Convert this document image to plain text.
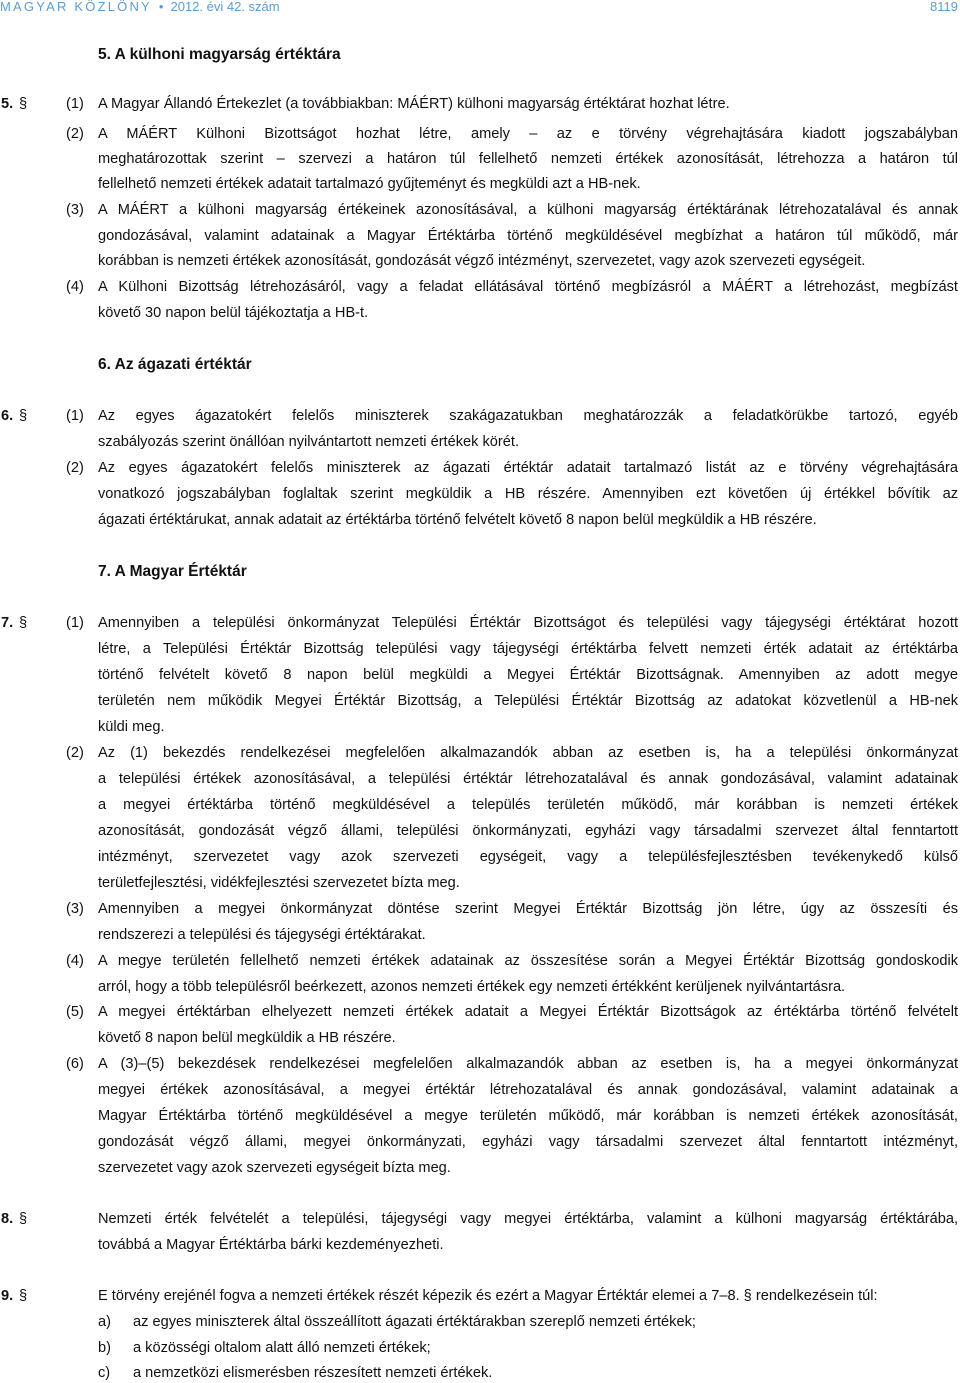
MAGYAR KÖZLÖNY • 2012. évi 42. szám	8119
5. A külhoni magyarság értéktára
5. §	(1) A Magyar Állandó Értekezlet (a továbbiakban: MÁÉRT) külhoni magyarság értéktárat hozhat létre.
(2) A MÁÉRT Külhoni Bizottságot hozhat létre, amely – az e törvény végrehajtására kiadott jogszabályban
meghatározottak szerint – szervezi a határon túl fellelhető nemzeti értékek azonosítását, létrehozza a határon túl
fellelhető nemzeti értékek adatait tartalmazó gyűjteményt és megküldi azt a HB-nek.
(3) A MÁÉRT a külhoni magyarság értékeinek azonosításával, a külhoni magyarság értéktárának létrehozatalával és annak
gondozásával, valamint adatainak a Magyar Értéktárba történő megküldésével megbízhat a határon túl működő, már
korábban is nemzeti értékek azonosítását, gondozását végző intézményt, szervezetet, vagy azok szervezeti egységeit.
(4) A Külhoni Bizottság létrehozásáról, vagy a feladat ellátásával történő megbízásról a MÁÉRT a létrehozást, megbízást
követő 30 napon belül tájékoztatja a HB-t.
6. Az ágazati értéktár
6. §	(1) Az egyes ágazatokért felelős miniszterek szakágazatukban meghatározzák a feladatkörükbe tartozó, egyéb
szabályozás szerint önállóan nyilvántartott nemzeti értékek körét.
(2) Az egyes ágazatokért felelős miniszterek az ágazati értéktár adatait tartalmazó listát az e törvény végrehajtására
vonatkozó jogszabályban foglaltak szerint megküldik a HB részére. Amennyiben ezt követően új értékkel bővítik az
ágazati értéktárukat, annak adatait az értéktárba történő felvételt követő 8 napon belül megküldik a HB részére.
7. A Magyar Értéktár
7. §	(1) Amennyiben a települési önkormányzat Települési Értéktár Bizottságot és települési vagy tájegységi értéktárat hozott
létre, a Települési Értéktár Bizottság települési vagy tájegységi értéktárba felvett nemzeti érték adatait az értéktárba
történő felvételt követő 8 napon belül megküldi a Megyei Értéktár Bizottságnak. Amennyiben az adott megye
területén nem működik Megyei Értéktár Bizottság, a Települési Értéktár Bizottság az adatokat közvetlenül a HB-nek
küldi meg.
(2) Az (1) bekezdés rendelkezései megfelelően alkalmazandók abban az esetben is, ha a települési önkormányzat
a települési értékek azonosításával, a települési értéktár létrehozatalával és annak gondozásával, valamint adatainak
a megyei értéktárba történő megküldésével a település területén működő, már korábban is nemzeti értékek
azonosítását, gondozását végző állami, települési önkormányzati, egyházi vagy társadalmi szervezet által fenntartott
intézményt, szervezetet vagy azok szervezeti egységeit, vagy a településfejlesztésben tevékenykedő külső
területfejlesztési, vidékfejlesztési szervezetet bízta meg.
(3) Amennyiben a megyei önkormányzat döntése szerint Megyei Értéktár Bizottság jön létre, úgy az összesíti és
rendszerezi a települési és tájegységi értéktárakat.
(4) A megye területén fellelhető nemzeti értékek adatainak az összesítése során a Megyei Értéktár Bizottság gondoskodik
arról, hogy a több településről beérkezett, azonos nemzeti értékek egy nemzeti értékként kerüljenek nyilvántartásra.
(5) A megyei értéktárban elhelyezett nemzeti értékek adatait a Megyei Értéktár Bizottságok az értéktárba történő felvételt
követő 8 napon belül megküldik a HB részére.
(6) A (3)–(5) bekezdések rendelkezései megfelelően alkalmazandók abban az esetben is, ha a megyei önkormányzat
megyei értékek azonosításával, a megyei értéktár létrehozatalával és annak gondozásával, valamint adatainak a
Magyar Értéktárba történő megküldésével a megye területén működő, már korábban is nemzeti értékek azonosítását,
gondozását végző állami, megyei önkormányzati, egyházi vagy társadalmi szervezet által fenntartott intézményt,
szervezetet vagy azok szervezeti egységeit bízta meg.
8. §	Nemzeti érték felvételét a települési, tájegységi vagy megyei értéktárba, valamint a külhoni magyarság értéktárába,
továbbá a Magyar Értéktárba bárki kezdeményezheti.
9. §	E törvény erejénél fogva a nemzeti értékek részét képezik és ezért a Magyar Értéktár elemei a 7–8. § rendelkezésein túl:
a) az egyes miniszterek által összeállított ágazati értéktárakban szereplő nemzeti értékek;
b) a közösségi oltalom alatt álló nemzeti értékek;
c) a nemzetközi elismerésben részesített nemzeti értékek.
